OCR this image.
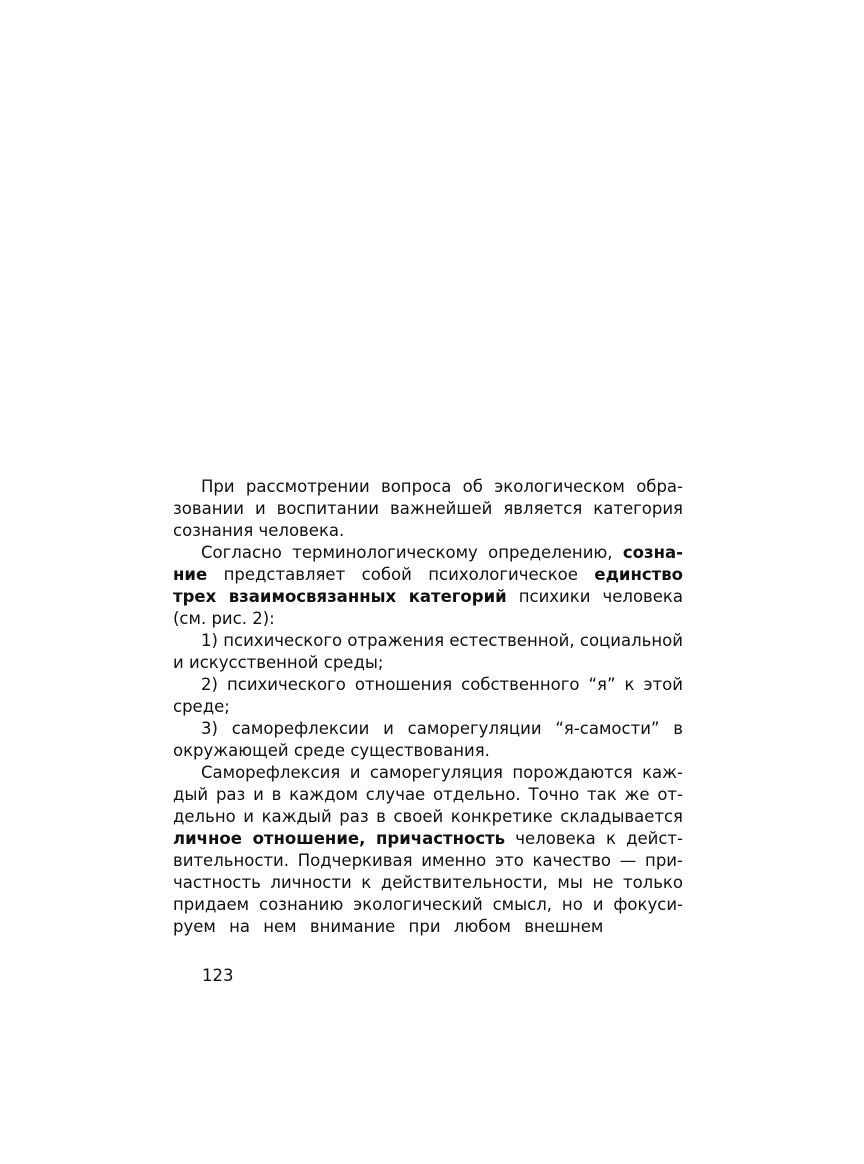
При рассмотрении вопроса об экологическом обра-
зовании и воспитании важнейшей является категория
сознания человека.
Согласно терминологическому определению, созна-
ние представляет собой психологическое единство
трех взаимосвязанных категорий психики человека
(см. рис. 2):
1) психического отражения естественной, социальной
и искусственной среды;
2) психического отношения собственного “я” к этой
среде;
3) саморефлексии и саморегуляции “я-самости” в
окружающей среде существования.
Саморефлексия и саморегуляция порождаются каж-
дый раз и в каждом случае отдельно. Точно так же от-
дельно и каждый раз в своей конкретике складывается
личное отношение, причастность человека к дейст-
вительности. Подчеркивая именно это качество — при-
частность личности к действительности, мы не только
придаем сознанию экологический смысл, но и фокуси-
руем на нем внимание при любом внешнем
123
